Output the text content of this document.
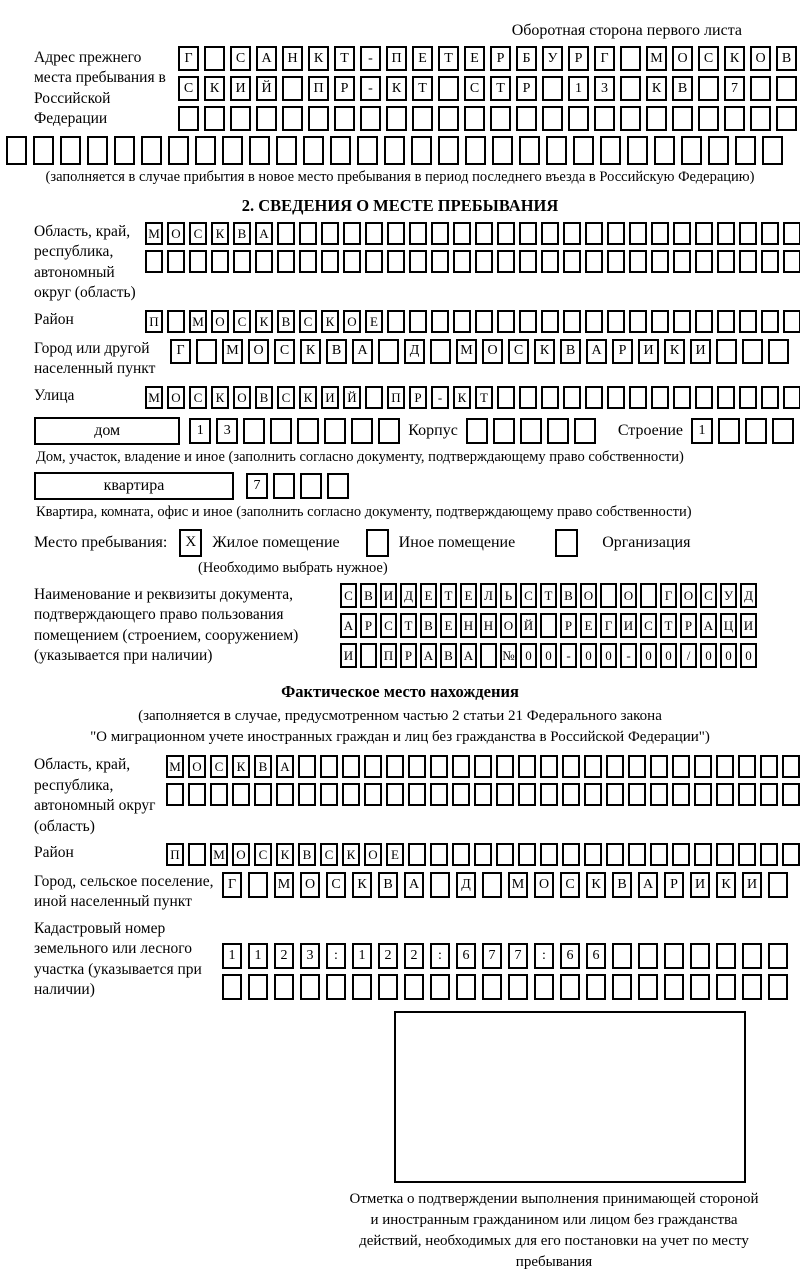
Оборотная сторона первого листа
Адрес прежнего места пребывания в Российской Федерации
Г	С	А	Н	К	Т	-	П	Е	Т	Е	Р	Б	У	Р	Г	М	О	С	К	О	В
С	К	И	Й	П	Р	-	К	Т	С	Т	Р	1	3	К	В	7
(заполняется в случае прибытия в новое место пребывания в период последнего въезда в Российскую Федерацию)
2. СВЕДЕНИЯ О МЕСТЕ ПРЕБЫВАНИЯ
Область, край, республика, автономный округ (область)
М О С	К	В А
Район	П	М О С	К	В	С	К О	Е
Город или другой населенный пункт
Г	М	О	С	К	В	А	Д	М	О	С	К	В	А	Р	И	К	И
Улица	М О С	К О В	С	К И Й	П	Р	-	К	Т
дом	1	3	Корпус	Строение	1
Дом, участок, владение и иное (заполнить согласно документу, подтверждающему право собственности)
квартира	7
Квартира, комната, офис и иное (заполнить согласно документу, подтверждающему право собственности)
Место пребывания:	X	Жилое помещение	Иное помещение	Организация
(Необходимо выбрать нужное)
Наименование и реквизиты документа, подтверждающего право пользования помещением (строением, сооружением) (указывается при наличии)
С В И Д Е Т Е Л Ь С Т В О О	Г О С У Д
А Р С Т В Е Н Н О Й	Р Е Г И С Т Р А Ц И
И П Р А В А № 0	0	-	0	0	-	0	0	/	0	0	0
Фактическое место нахождения
(заполняется в случае, предусмотренном частью 2 статьи 21 Федерального закона
"О миграционном учете иностранных граждан и лиц без гражданства в Российской Федерации")
Область, край, республика, автономный округ (область)
М О С	К	В А
Район	П	М О С	К	В	С	К О	Е
Город, сельское поселение, иной населенный пункт
Г	М	О	С	К	В	А	Д	М	О	С	К	В	А	Р	И	К	И
Кадастровый номер земельного или лесного участка (указывается при наличии)
1	1	2	3	:	1	2	2	:	6	7	7	:	6	6
Отметка о подтверждении выполнения принимающей стороной и иностранным гражданином или лицом без гражданства действий, необходимых для его постановки на учет по месту пребывания
